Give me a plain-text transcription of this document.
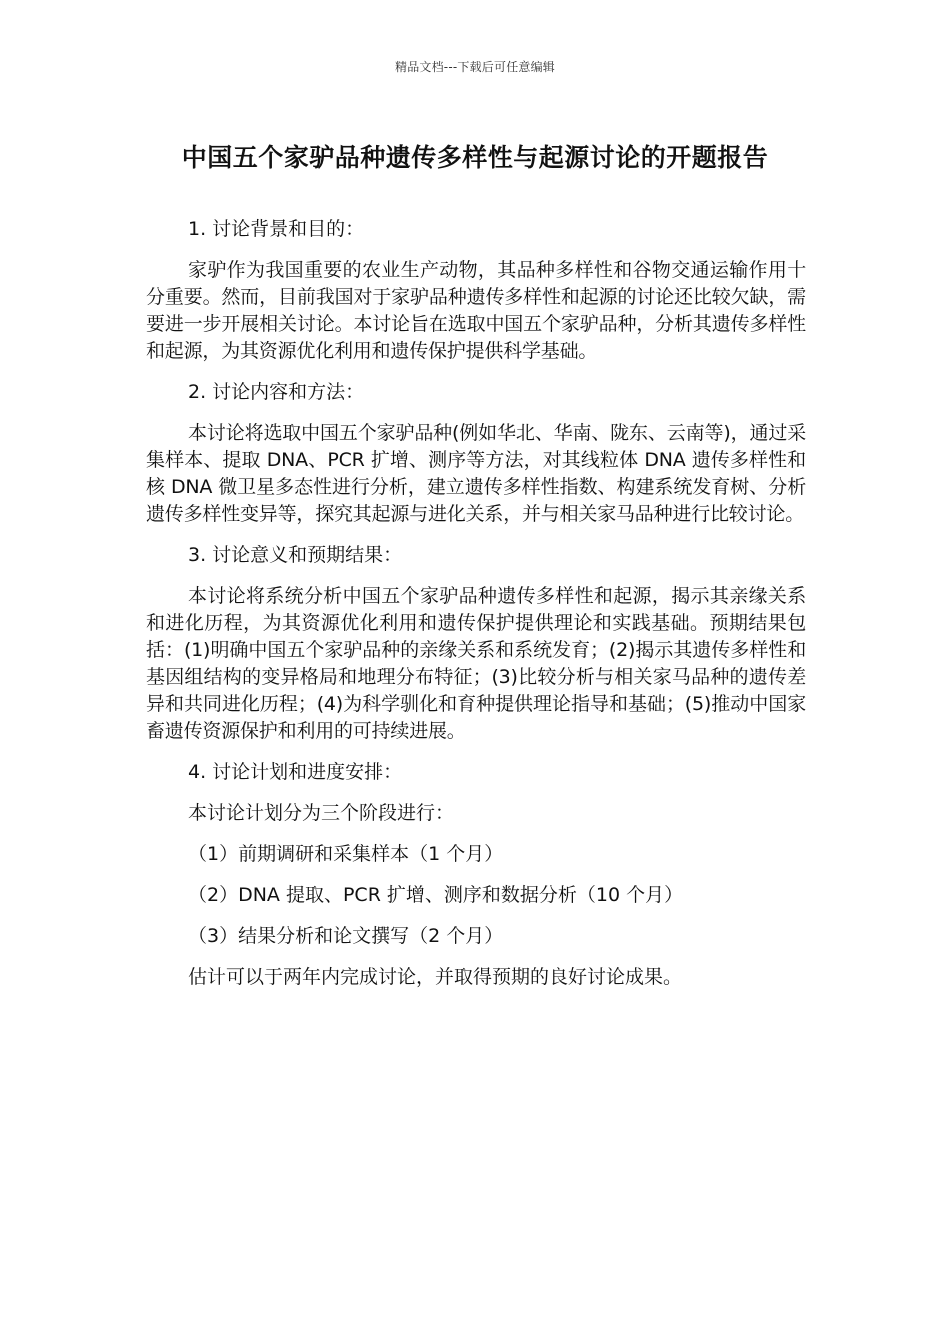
精品文档---下载后可任意编辑
中国五个家驴品种遗传多样性与起源讨论的开题报告

1. 讨论背景和目的：

家驴作为我国重要的农业生产动物，其品种多样性和谷物交通运输作用十分重要。然而，目前我国对于家驴品种遗传多样性和起源的讨论还比较欠缺，需要进一步开展相关讨论。本讨论旨在选取中国五个家驴品种，分析其遗传多样性和起源，为其资源优化利用和遗传保护提供科学基础。

2. 讨论内容和方法：

本讨论将选取中国五个家驴品种(例如华北、华南、陇东、云南等)，通过采集样本、提取 DNA、PCR 扩增、测序等方法，对其线粒体 DNA 遗传多样性和核 DNA 微卫星多态性进行分析，建立遗传多样性指数、构建系统发育树、分析遗传多样性变异等，探究其起源与进化关系，并与相关家马品种进行比较讨论。

3. 讨论意义和预期结果：

本讨论将系统分析中国五个家驴品种遗传多样性和起源，揭示其亲缘关系和进化历程，为其资源优化利用和遗传保护提供理论和实践基础。预期结果包括：(1)明确中国五个家驴品种的亲缘关系和系统发育；(2)揭示其遗传多样性和基因组结构的变异格局和地理分布特征；(3)比较分析与相关家马品种的遗传差异和共同进化历程；(4)为科学驯化和育种提供理论指导和基础；(5)推动中国家畜遗传资源保护和利用的可持续进展。

4. 讨论计划和进度安排：

本讨论计划分为三个阶段进行：

（1）前期调研和采集样本（1 个月）

（2）DNA 提取、PCR 扩增、测序和数据分析（10 个月）

（3）结果分析和论文撰写（2 个月）

估计可以于两年内完成讨论，并取得预期的良好讨论成果。
